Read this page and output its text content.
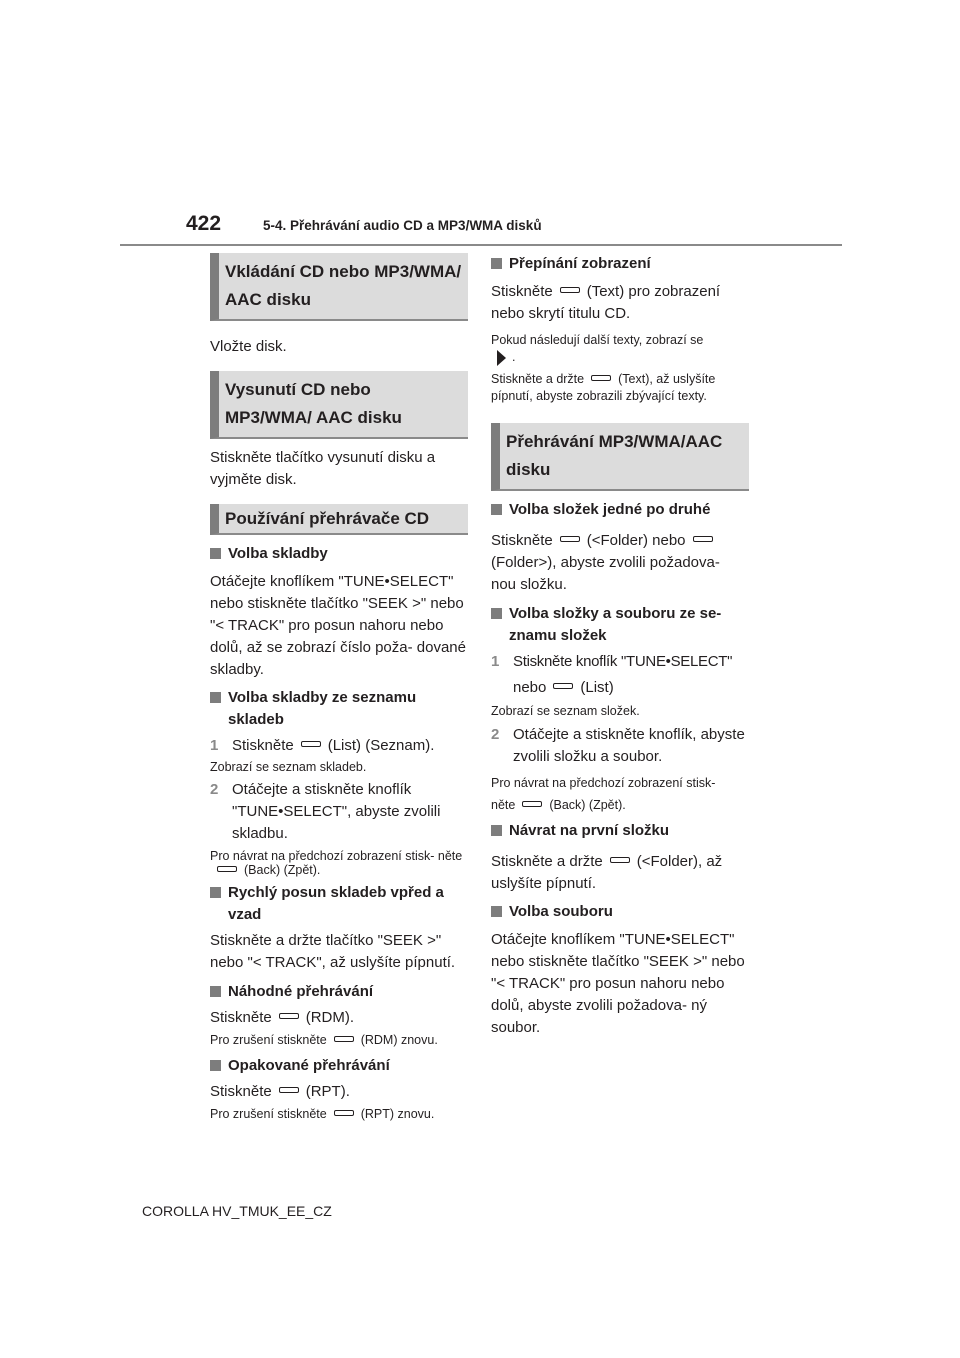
422	5-4. Přehrávání audio CD a MP3/WMA disků
Vkládání CD nebo MP3/WMA/ AAC disku
Vložte disk.
Vysunutí CD nebo MP3/WMA/ AAC disku
Stiskněte tlačítko vysunutí disku a vyjměte disk.
Používání přehrávače CD
Volba skladby
Otáčejte knoflíkem "TUNE•SELECT" nebo stiskněte tlačítko "SEEK >" nebo "< TRACK" pro posun nahoru nebo dolů, až se zobrazí číslo poža- dované skladby.
Volba skladby ze seznamu skladeb
1 Stiskněte (List) (Seznam).
Zobrazí se seznam skladeb.
2 Otáčejte a stiskněte knoflík "TUNE•SELECT", abyste zvolili skladbu.
Pro návrat na předchozí zobrazení stisk- něte(Back) (Zpět).
Rychlý posun skladeb vpřed a vzad
Stiskněte a držte tlačítko "SEEK >" nebo "< TRACK", až uslyšíte pípnutí.
Náhodné přehrávání
Stiskněte (RDM).
Pro zrušení stiskněte	(RDM) znovu.
Opakované přehrávání
Stiskněte (RPT).
Pro zrušení stiskněte	(RPT) znovu.
Přepínání zobrazení
Stiskněte (Text) pro zobrazení nebo skrytí titulu CD.
Pokud následují další texty, zobrazí se
.
Stiskněte a držte	(Text), až uslyšíte pípnutí, abyste zobrazili zbývající texty.
Přehrávání MP3/WMA/AAC disku
Volba složek jedné po druhé
Stiskněte (<Folder) nebo
(Folder>), abyste zvolili požadova- nou složku.
Volba složky a souboru ze se- znamu složek
1 Stiskněte knoflík "TUNE•SELECT"
nebo (List)
Zobrazí se seznam složek.
2 Otáčejte a stiskněte knoflík, abyste zvolili složku a soubor.
Pro návrat na předchozí zobrazení stisk-
něte	(Back) (Zpět).
Návrat na první složku
Stiskněte a držte (<Folder), až uslyšíte pípnutí.
Volba souboru
Otáčejte knoflíkem "TUNE•SELECT" nebo stiskněte tlačítko "SEEK >" nebo "< TRACK" pro posun nahoru nebo dolů, abyste zvolili požadova- ný soubor.
COROLLA HV_TMUK_EE_CZ
